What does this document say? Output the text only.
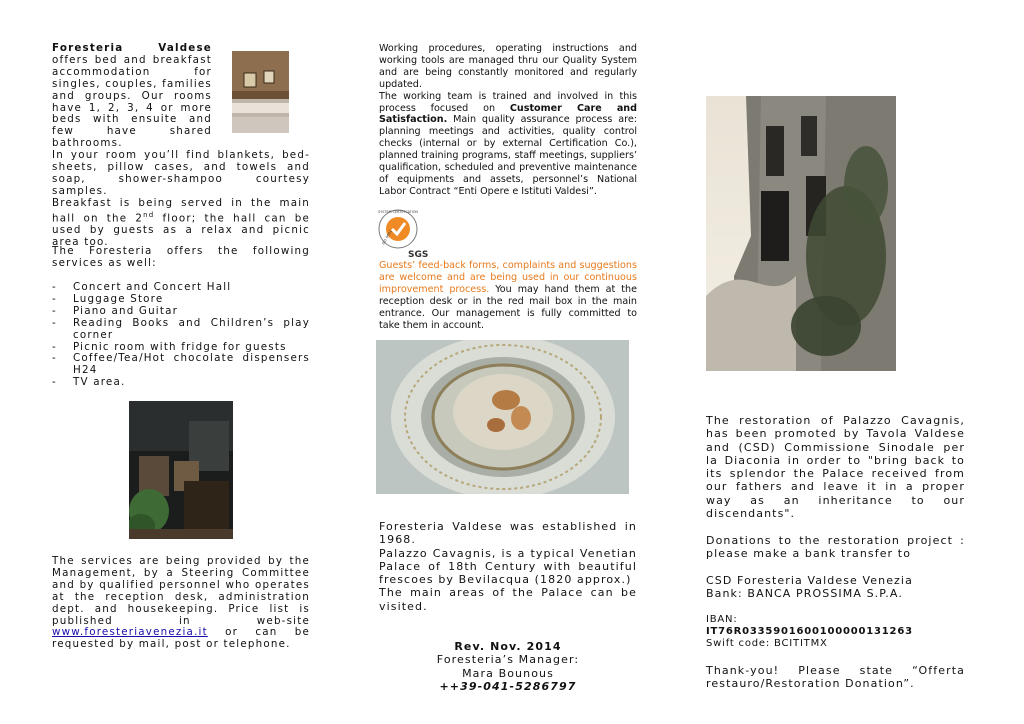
Foresteria Valdese offers bed and breakfast accommodation for singles, couples, families and groups. Our rooms have 1, 2, 3, 4 or more beds with ensuite and few have shared bathrooms.

In your room you’ll find blankets, bed-sheets, pillow cases, and towels and soap, shower-shampoo courtesy samples.

Breakfast is being served in the main hall on the 2nd floor; the hall can be used by guests as a relax and picnic area too.

The Foresteria offers the following services as well:

- Concert and Concert Hall
- Luggage Store
- Piano and Guitar
- Reading Books and Children’s play corner
- Picnic room with fridge for guests
- Coffee/Tea/Hot chocolate dispensers H24
- TV area.

The services are being provided by the Management, by a Steering Committee and by qualified personnel who operates at the reception desk, administration dept. and housekeeping. Price list is published in web-site www.foresteriavenezia.it or can be requested by mail, post or telephone.

Working procedures, operating instructions and working tools are managed thru our Quality System and are being constantly monitored and regularly updated.

The working team is trained and involved in this process focused on Customer Care and Satisfaction. Main quality assurance process are: planning meetings and activities, quality control checks (internal or by external Certification Co.), planned training programs, staff meetings, suppliers’ qualification, scheduled and preventive maintenance of equipments and assets, personnel’s National Labor Contract “Enti Opere e Istituti Valdesi”.

SYSTEM CERTIFICATION
ISO 9001
SGS

Guests’ feed-back forms, complaints and suggestions are welcome and are being used in our continuous improvement process. You may hand them at the reception desk or in the red mail box in the main entrance. Our management is fully committed to take them in account.

Foresteria Valdese was established in 1968.

Palazzo Cavagnis, is a typical Venetian Palace of 18th Century with beautiful frescoes by Bevilacqua (1820 approx.)

The main areas of the Palace can be visited.

Rev. Nov. 2014

Foresteria’s Manager:

Mara Bounous

++39-041-5286797

The restoration of Palazzo Cavagnis, has been promoted by Tavola Valdese and (CSD) Commissione Sinodale per la Diaconia in order to "bring back to its splendor the Palace received from our fathers and leave it in a proper way as an inheritance to our discendants".

Donations to the restoration project : please make a bank transfer to

CSD Foresteria Valdese Venezia

Bank: BANCA PROSSIMA S.P.A.

IBAN:

IT76R0335901600100000131263

Swift code: BCITITMX

Thank-you! Please state “Offerta restauro/Restoration Donation”.
